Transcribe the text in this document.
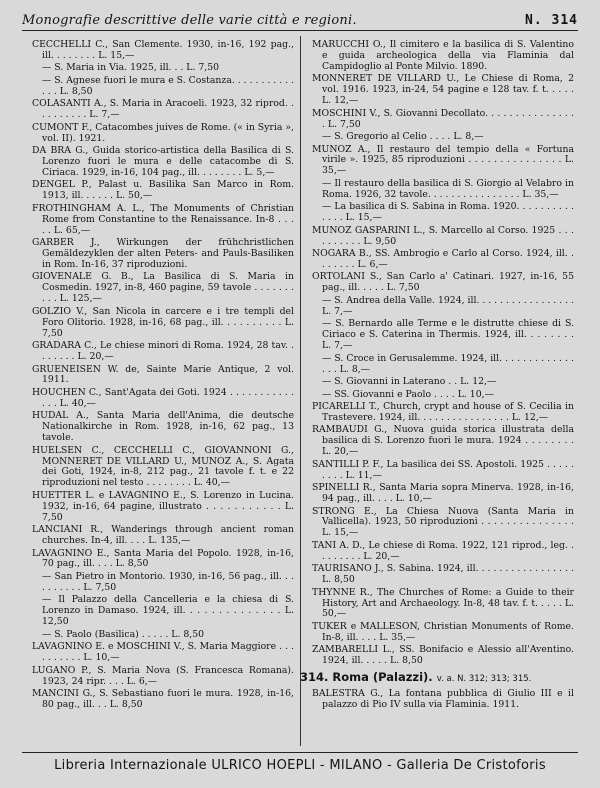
Monografie descrittive delle varie città e regioni.	N. 314
CECCHELLI C., San Clemente. 1930, in-16, 192 pag., ill. . . . . . . . L. 15,—
— S. Maria in Via. 1925, ill. . . L. 7,50
— S. Agnese fuori le mura e S. Costanza. . . . . . . . . . . . . . L. 8,50
COLASANTI A., S. Maria in Aracoeli. 1923, 32 riprod. . . . . . . . . . L. 7,—
CUMONT F., Catacombes juives de Rome. (« in Syria », vol. II). 1921.
DA BRA G., Guida storico-artistica della Basilica di S. Lorenzo fuori le mura e delle catacombe di S. Ciriaca. 1929, in-16, 104 pag., ill. . . . . . . . L. 5,—
DENGEL P., Palast u. Basilika San Marco in Rom. 1913, ill. . . . . . L. 50,—
FROTHINGHAM A. L., The Monuments of Christian Rome from Constantine to the Renaissance. In-8 . . . . . L. 65,—
GARBER J., Wirkungen der frühchristlichen Gemäldezyklen der alten Peters- and Pauls-Basiliken in Rom. In-16, 37 riproduzioni.
GIOVENALE G. B., La Basilica di S. Maria in Cosmedin. 1927, in-8, 460 pagine, 59 tavole . . . . . . . . . . L. 125,—
GOLZIO V., San Nicola in carcere e i tre templi del Foro Olitorio. 1928, in-16, 68 pag., ill. . . . . . . . . . L. 7,50
GRADARA C., Le chiese minori di Roma. 1924, 28 tav. . . . . . . . L. 20,—
GRUENEISEN W. de, Sainte Marie Antique, 2 vol. 1911.
HOUCHEN C., Sant'Agata dei Goti. 1924 . . . . . . . . . . . . . . L. 40,—
HUDAL A., Santa Maria dell'Anima, die deutsche Nationalkirche in Rom. 1928, in-16, 62 pag., 13 tavole.
HUELSEN C., CECCHELLI C., GIOVANNONI G., MONNERET DE VILLARD U., MUNOZ A., S. Agata dei Goti, 1924, in-8, 212 pag., 21 tavole f. t. e 22 riproduzioni nel testo . . . . . . . . L. 40,—
HUETTER L. e LAVAGNINO E., S. Lorenzo in Lucina. 1932, in-16, 64 pagine, illustrato . . . . . . . . . . . L. 7,50
LANCIANI R., Wanderings through ancient roman churches. In-4, ill. . . . L. 135,—
LAVAGNINO E., Santa Maria del Popolo. 1928, in-16, 70 pag., ill. . . . L. 8,50
— San Pietro in Montorio. 1930, in-16, 56 pag., ill. . . . . . . . . . L. 7,50
— Il Palazzo della Cancelleria e la chiesa di S. Lorenzo in Damaso. 1924, ill. . . . . . . . . . . . . . L. 12,50
— S. Paolo (Basilica) . . . . . L. 8,50
LAVAGNINO E. e MOSCHINI V., S. Maria Maggiore . . . . . . . . . . L. 10,—
LUGANO P., S. Maria Nova (S. Francesca Romana). 1923, 24 ripr. . . . L. 6,—
MANCINI G., S. Sebastiano fuori le mura. 1928, in-16, 80 pag., ill. . . L. 8,50
MARUCCHI O., Il cimitero e la basilica di S. Valentino e guida archeologica della via Flaminia dal Campidoglio al Ponte Milvio. 1890.
MONNERET DE VILLARD U., Le Chiese di Roma, 2 vol. 1916. 1923, in-24, 54 pagine e 128 tav. f. t. . . . . L. 12,—
MOSCHINI V., S. Giovanni Decollato. . . . . . . . . . . . . . . . L. 7,50
— S. Gregorio al Celio . . . . L. 8,—
MUNOZ A., Il restauro del tempio della « Fortuna virile ». 1925, 85 riproduzioni . . . . . . . . . . . . . . . L. 35,—
— Il restauro della basilica di S. Giorgio al Velabro in Roma. 1926, 32 tavole. . . . . . . . . . . . . . . . L. 35,—
— La basilica di S. Sabina in Roma. 1920. . . . . . . . . . . . . . L. 15,—
MUNOZ GASPARINI L., S. Marcello al Corso. 1925 . . . . . . . . . . L. 9,50
NOGARA B., SS. Ambrogio e Carlo al Corso. 1924, ill. . . . . . . . L. 6,—
ORTOLANI S., San Carlo a' Catinari. 1927, in-16, 55 pag., ill. . . . . L. 7,50
— S. Andrea della Valle. 1924, ill. . . . . . . . . . . . . . . . . L. 7,—
— S. Bernardo alle Terme e le distrutte chiese di S. Ciriaco e S. Caterina in Thermis. 1924, ill. . . . . . . . L. 7,—
— S. Croce in Gerusalemme. 1924, ill. . . . . . . . . . . . . . . . L. 8,—
— S. Giovanni in Laterano . . L. 12,—
— SS. Giovanni e Paolo . . . . L. 10,—
PICARELLI T., Church, crypt and house of S. Cecilia in Trastevere. 1924, ill. . . . . . . . . . . . . . . . L. 12,—
RAMBAUDI G., Nuova guida storica illustrata della basilica di S. Lorenzo fuori le mura. 1924 . . . . . . . . L. 20,—
SANTILLI P. F., La basilica dei SS. Apostoli. 1925 . . . . . . . . . L. 11,—
SPINELLI R., Santa Maria sopra Minerva. 1928, in-16, 94 pag., ill. . . . L. 10,—
STRONG E., La Chiesa Nuova (Santa Maria in Vallicella). 1923, 50 riproduzioni . . . . . . . . . . . . . . . L. 15,—
TANI A. D., Le chiese di Roma. 1922, 121 riprod., leg. . . . . . . . . L. 20,—
TAURISANO J., S. Sabina. 1924, ill. . . . . . . . . . . . . . . . . L. 8,50
THYNNE R., The Churches of Rome: a Guide to their History, Art and Archaeology. In-8, 48 tav. f. t. . . . . L. 50,—
TUKER e MALLESON, Christian Monuments of Rome. In-8, ill. . . . L. 35,—
ZAMBARELLI L., SS. Bonifacio e Alessio all'Aventino. 1924, ill. . . . . L. 8,50
314. Roma (Palazzi). v. a. N. 312; 313; 315.
BALESTRA G., La fontana pubblica di Giulio III e il palazzo di Pio IV sulla via Flaminia. 1911.
Libreria Internazionale ULRICO HOEPLI - MILANO - Galleria De Cristoforis
